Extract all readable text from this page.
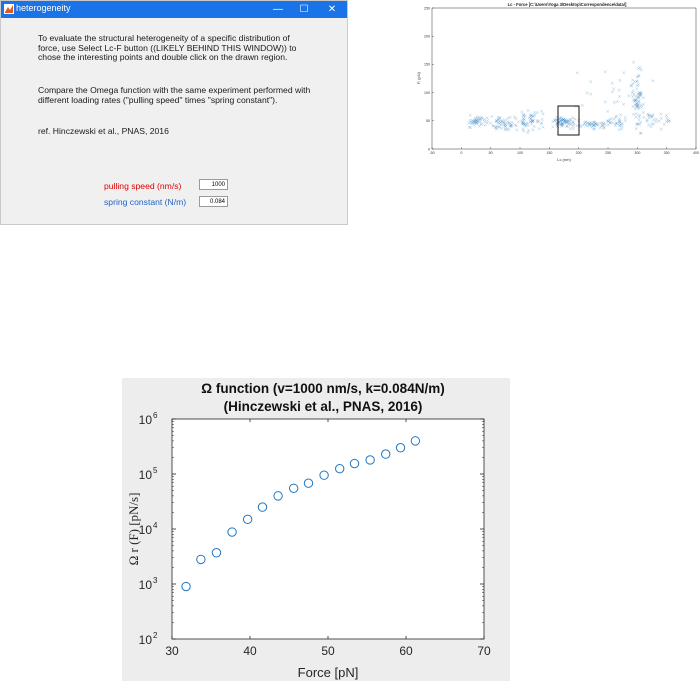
heterogeneity	—	☐	✕
To evaluate the structural heterogeneity of a specific distribution of force, use Select Lc-F button ((LIKELY BEHIND THIS WINDOW)) to chose the interesting points and double click on the drawn region.
Compare the Omega function with the same experiment performed with different loading rates ("pulling speed" times "spring constant").
ref. Hinczewski et al., PNAS, 2016
pulling speed (nm/s)	1000
spring constant (N/m)	0.084
Lc - Force [C:\Users\Yoga 3\Desktop\Correspondence\data\]
-50	0	50	100	150	200	250	300	350	400
0
50
100
150
200
250
Lc (nm)
Fₗ (pN)
Ω function (v=1000 nm/s, k=0.084N/m)
(Hinczewski et al., PNAS, 2016)
30	40	50	60	70
10 2
10 3
10 4
10 5
10 6
Force [pN]
Ω r (F) [pN/s]
